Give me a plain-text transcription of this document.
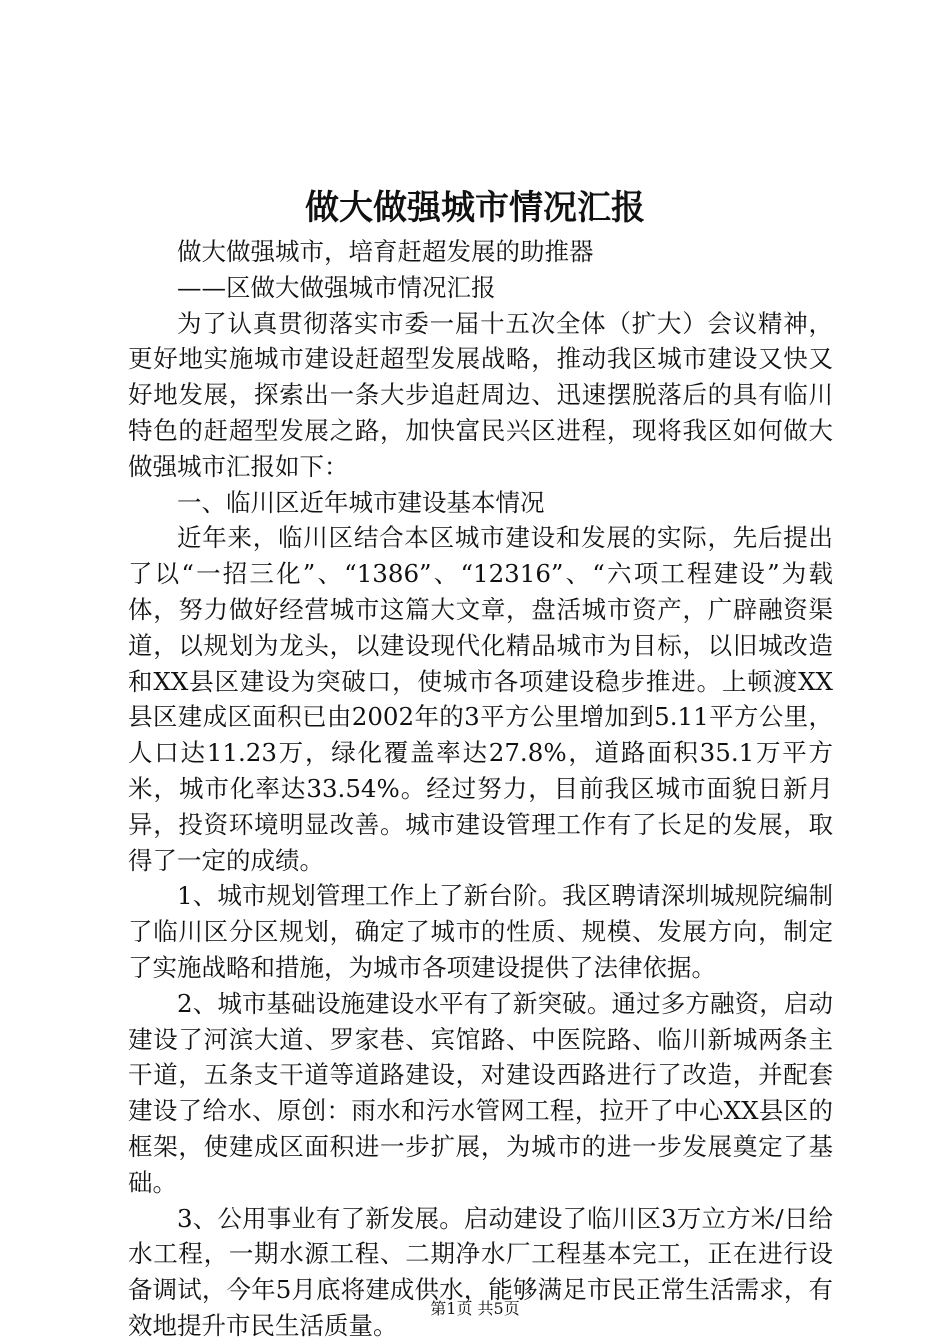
做大做强城市情况汇报

做大做强城市，培育赶超发展的助推器

——区做大做强城市情况汇报

为了认真贯彻落实市委一届十五次全体（扩大）会议精神，更好地实施城市建设赶超型发展战略，推动我区城市建设又快又好地发展，探索出一条大步追赶周边、迅速摆脱落后的具有临川特色的赶超型发展之路，加快富民兴区进程，现将我区如何做大做强城市汇报如下：

一、临川区近年城市建设基本情况

近年来，临川区结合本区城市建设和发展的实际，先后提出了以“一招三化”、“1386”、“12316”、“六项工程建设”为载体，努力做好经营城市这篇大文章，盘活城市资产，广辟融资渠道，以规划为龙头，以建设现代化精品城市为目标，以旧城改造和XX县区建设为突破口，使城市各项建设稳步推进。上顿渡XX县区建成区面积已由2002年的3平方公里增加到5.11平方公里，人口达11.23万，绿化覆盖率达27.8%，道路面积35.1万平方米，城市化率达33.54%。经过努力，目前我区城市面貌日新月异，投资环境明显改善。城市建设管理工作有了长足的发展，取得了一定的成绩。

1、城市规划管理工作上了新台阶。我区聘请深圳城规院编制了临川区分区规划，确定了城市的性质、规模、发展方向，制定了实施战略和措施，为城市各项建设提供了法律依据。

2、城市基础设施建设水平有了新突破。通过多方融资，启动建设了河滨大道、罗家巷、宾馆路、中医院路、临川新城两条主干道，五条支干道等道路建设，对建设西路进行了改造，并配套建设了给水、原创：雨水和污水管网工程，拉开了中心XX县区的框架，使建成区面积进一步扩展，为城市的进一步发展奠定了基础。

3、公用事业有了新发展。启动建设了临川区3万立方米/日给水工程，一期水源工程、二期净水厂工程基本完工，正在进行设备调试，今年5月底将建成供水，能够满足市民正常生活需求，有效地提升市民生活质量。

第1页 共5页
